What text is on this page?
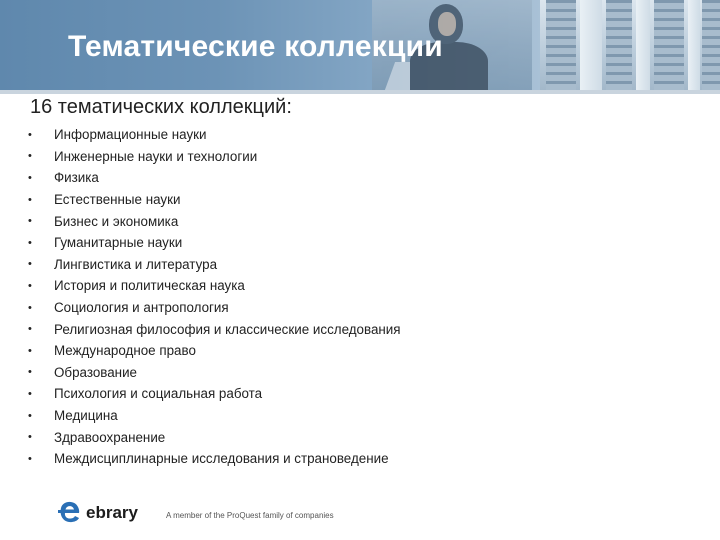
Тематические коллекции
16 тематических коллекций:
•	Информационные науки
•	Инженерные науки и технологии
•	Физика
•	Естественные науки
•	Бизнес и экономика
•	Гуманитарные науки
•	Лингвистика и литература
•	История и политическая наука
•	Социология и антропология
•	Религиозная философия и классические исследования
•	Международное право
•	Образование
•	Психология и социальная работа
•	Медицина
•	Здравоохранение
•	Междисциплинарные исследования и страноведение
ebrary	A member of the ProQuest family of companies
